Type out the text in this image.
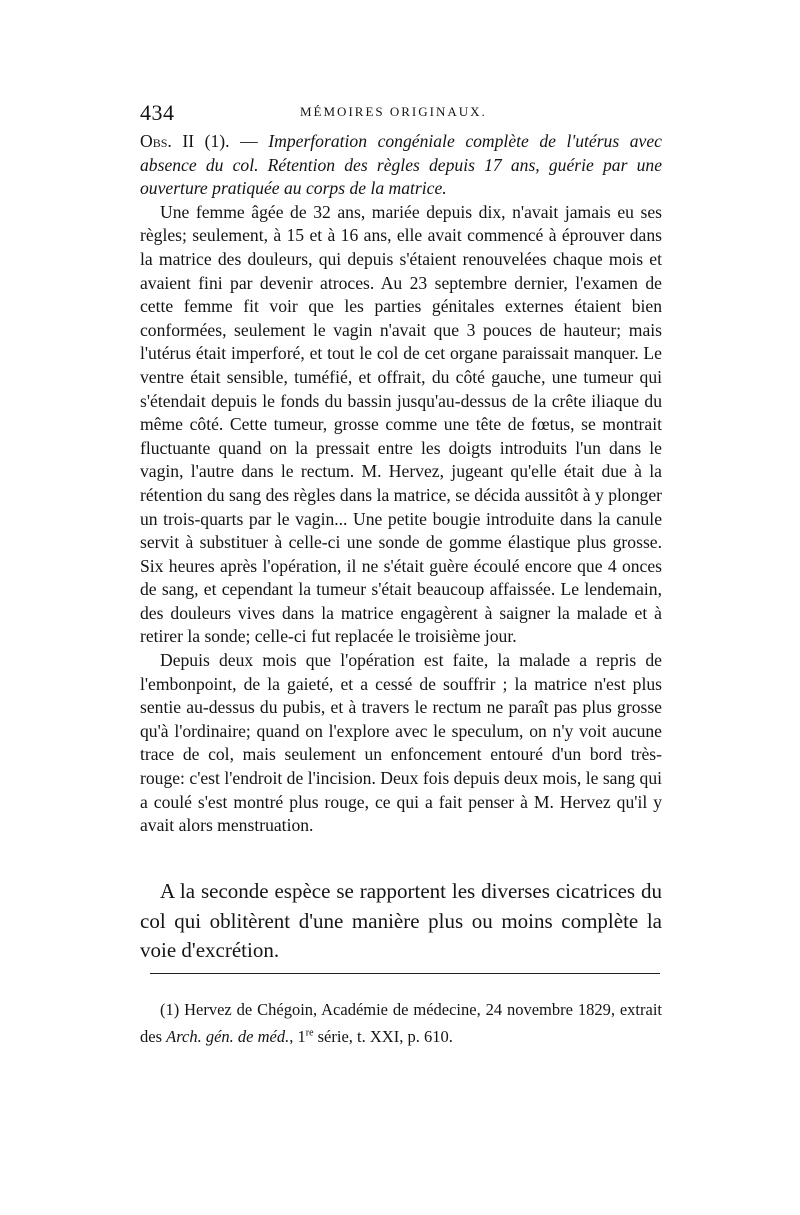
434	MÉMOIRES ORIGINAUX.

Obs. II (1). — Imperforation congéniale complète de l'utérus avec absence du col. Rétention des règles depuis 17 ans, guérie par une ouverture pratiquée au corps de la matrice.

Une femme âgée de 32 ans, mariée depuis dix, n'avait jamais eu ses règles; seulement, à 15 et à 16 ans, elle avait commencé à éprouver dans la matrice des douleurs, qui depuis s'étaient renouvelées chaque mois et avaient fini par devenir atroces. Au 23 septembre dernier, l'examen de cette femme fit voir que les parties génitales externes étaient bien conformées, seulement le vagin n'avait que 3 pouces de hauteur; mais l'utérus était imperforé, et tout le col de cet organe paraissait manquer. Le ventre était sensible, tuméfié, et offrait, du côté gauche, une tumeur qui s'étendait depuis le fonds du bassin jusqu'au-dessus de la crête iliaque du même côté. Cette tumeur, grosse comme une tête de fœtus, se montrait fluctuante quand on la pressait entre les doigts introduits l'un dans le vagin, l'autre dans le rectum. M. Hervez, jugeant qu'elle était due à la rétention du sang des règles dans la matrice, se décida aussitôt à y plonger un trois-quarts par le vagin... Une petite bougie introduite dans la canule servit à substituer à celle-ci une sonde de gomme élastique plus grosse. Six heures après l'opération, il ne s'était guère écoulé encore que 4 onces de sang, et cependant la tumeur s'était beaucoup affaissée. Le lendemain, des douleurs vives dans la matrice engagèrent à saigner la malade et à retirer la sonde; celle-ci fut replacée le troisième jour.

Depuis deux mois que l'opération est faite, la malade a repris de l'embonpoint, de la gaieté, et a cessé de souffrir ; la matrice n'est plus sentie au-dessus du pubis, et à travers le rectum ne paraît pas plus grosse qu'à l'ordinaire; quand on l'explore avec le speculum, on n'y voit aucune trace de col, mais seulement un enfoncement entouré d'un bord très-rouge: c'est l'endroit de l'incision. Deux fois depuis deux mois, le sang qui a coulé s'est montré plus rouge, ce qui a fait penser à M. Hervez qu'il y avait alors menstruation.

A la seconde espèce se rapportent les diverses cicatrices du col qui oblitèrent d'une manière plus ou moins complète la voie d'excrétion.

(1) Hervez de Chégoin, Académie de médecine, 24 novembre 1829, extrait des Arch. gén. de méd., 1re série, t. XXI, p. 610.
